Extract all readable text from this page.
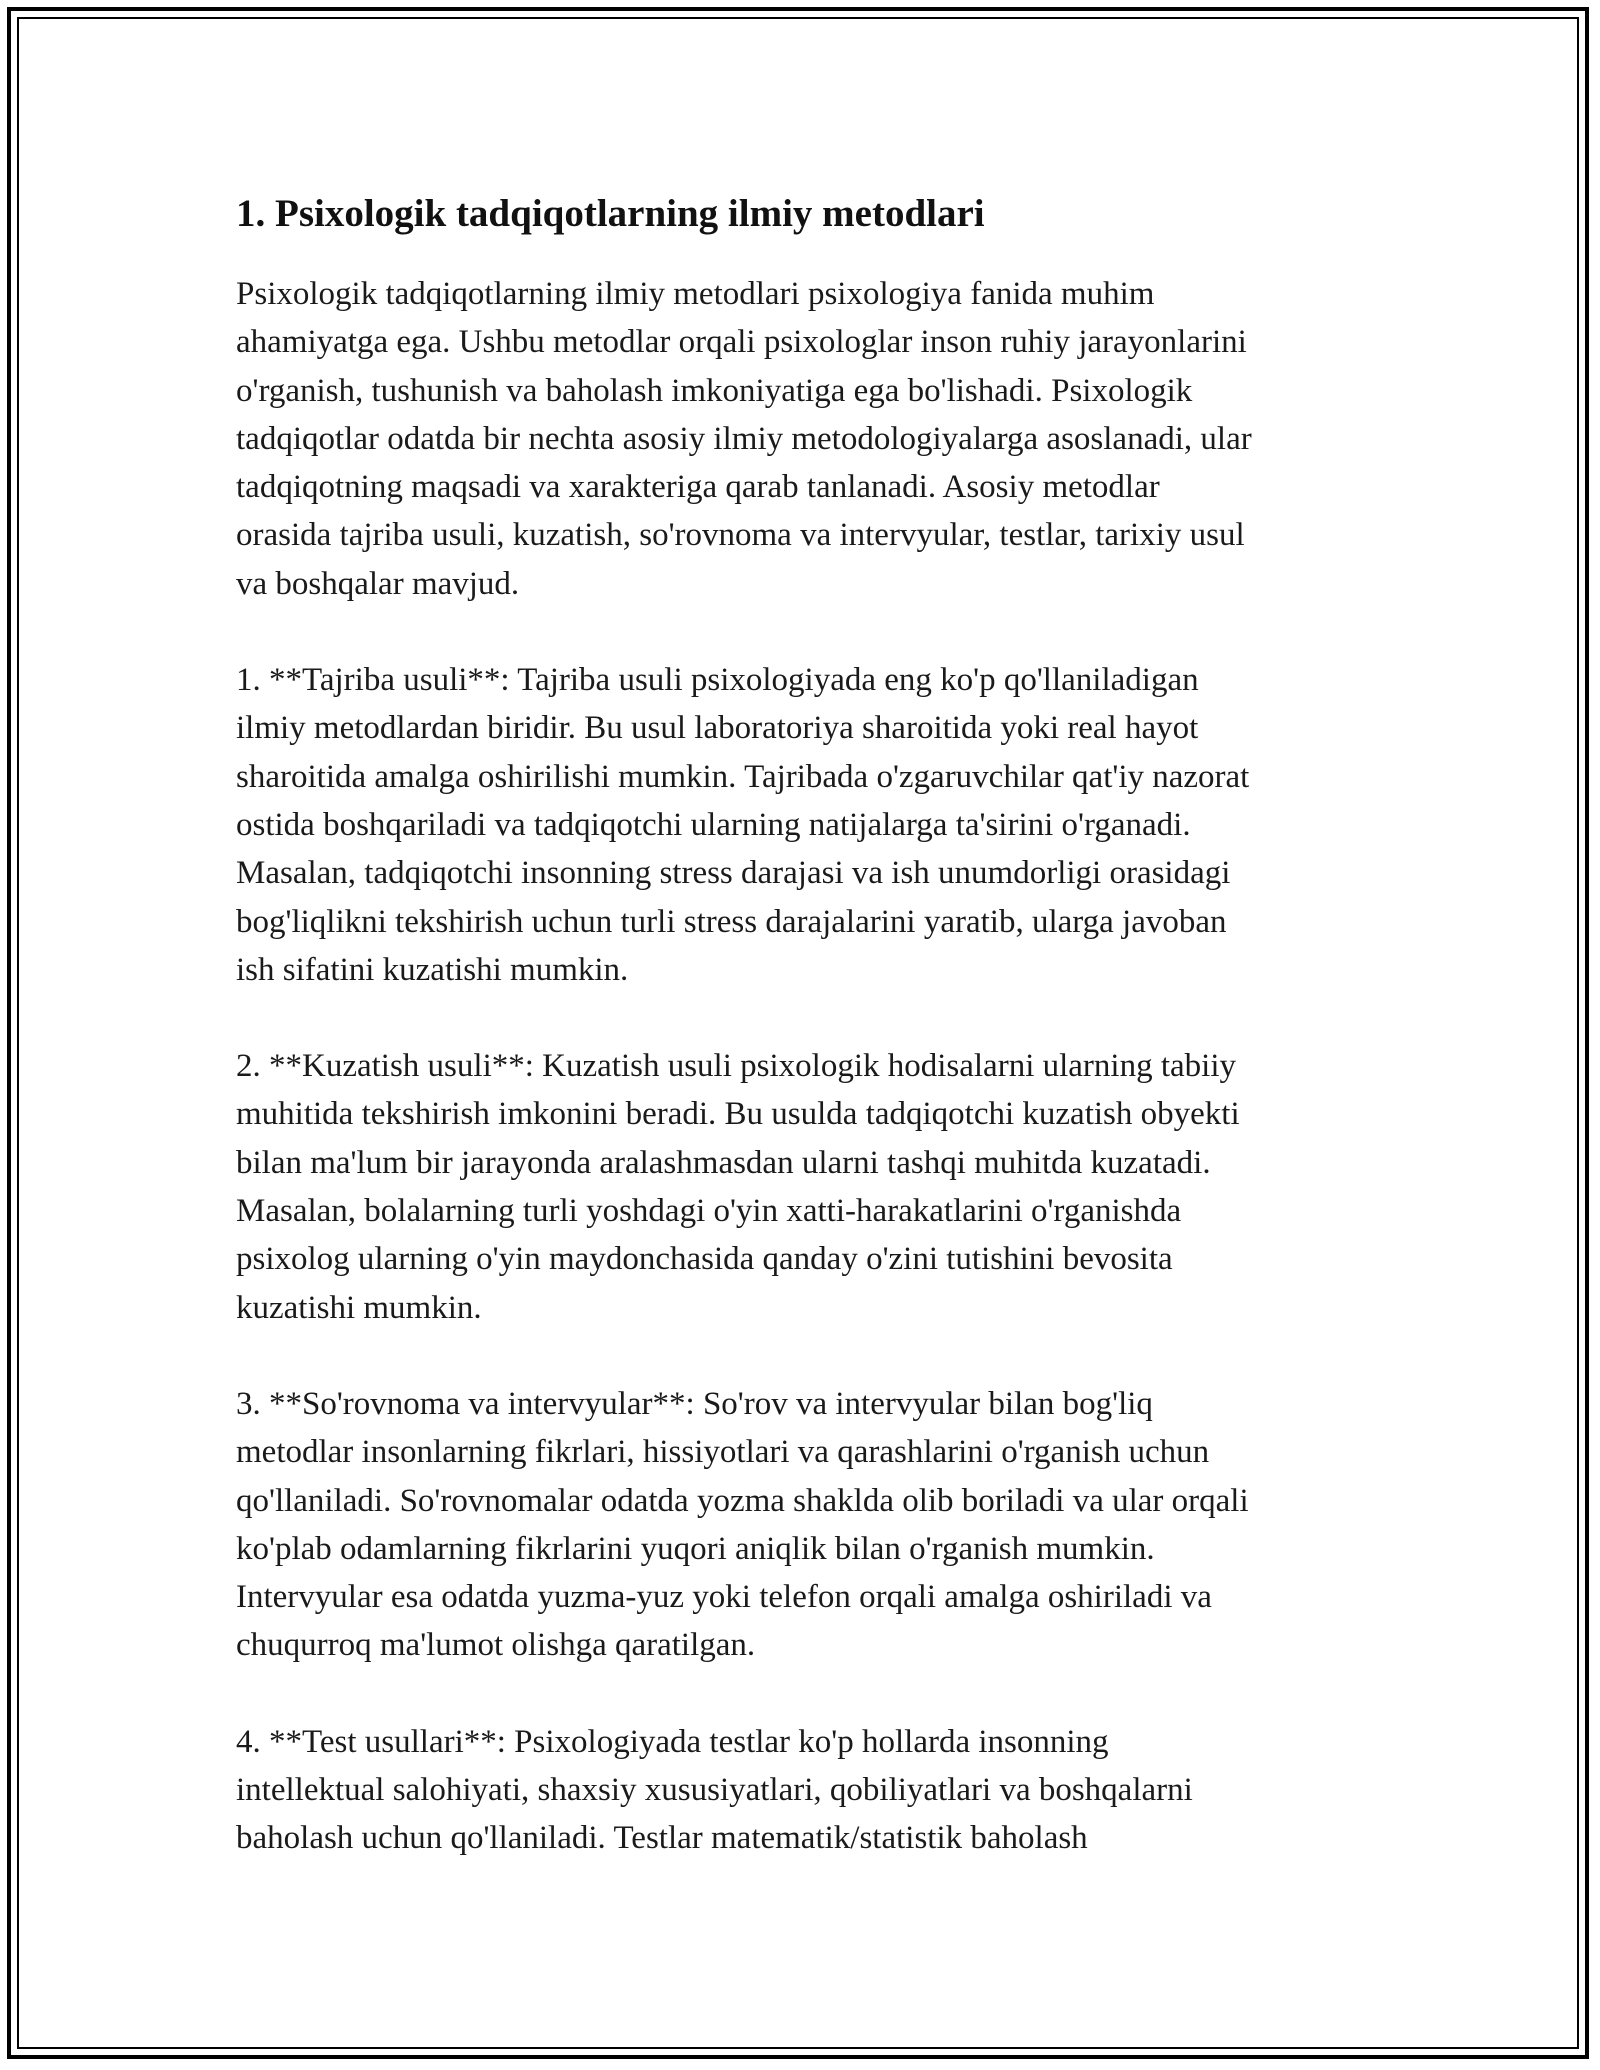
1. Psixologik tadqiqotlarning ilmiy metodlari

Psixologik tadqiqotlarning ilmiy metodlari psixologiya fanida muhim
ahamiyatga ega. Ushbu metodlar orqali psixologlar inson ruhiy jarayonlarini
o'rganish, tushunish va baholash imkoniyatiga ega bo'lishadi. Psixologik
tadqiqotlar odatda bir nechta asosiy ilmiy metodologiyalarga asoslanadi, ular
tadqiqotning maqsadi va xarakteriga qarab tanlanadi. Asosiy metodlar
orasida tajriba usuli, kuzatish, so'rovnoma va intervyular, testlar, tarixiy usul
va boshqalar mavjud.

1. **Tajriba usuli**: Tajriba usuli psixologiyada eng ko'p qo'llaniladigan
ilmiy metodlardan biridir. Bu usul laboratoriya sharoitida yoki real hayot
sharoitida amalga oshirilishi mumkin. Tajribada o'zgaruvchilar qat'iy nazorat
ostida boshqariladi va tadqiqotchi ularning natijalarga ta'sirini o'rganadi.
Masalan, tadqiqotchi insonning stress darajasi va ish unumdorligi orasidagi
bog'liqlikni tekshirish uchun turli stress darajalarini yaratib, ularga javoban
ish sifatini kuzatishi mumkin.

2. **Kuzatish usuli**: Kuzatish usuli psixologik hodisalarni ularning tabiiy
muhitida tekshirish imkonini beradi. Bu usulda tadqiqotchi kuzatish obyekti
bilan ma'lum bir jarayonda aralashmasdan ularni tashqi muhitda kuzatadi.
Masalan, bolalarning turli yoshdagi o'yin xatti-harakatlarini o'rganishda
psixolog ularning o'yin maydonchasida qanday o'zini tutishini bevosita
kuzatishi mumkin.

3. **So'rovnoma va intervyular**: So'rov va intervyular bilan bog'liq
metodlar insonlarning fikrlari, hissiyotlari va qarashlarini o'rganish uchun
qo'llaniladi. So'rovnomalar odatda yozma shaklda olib boriladi va ular orqali
ko'plab odamlarning fikrlarini yuqori aniqlik bilan o'rganish mumkin.
Intervyular esa odatda yuzma-yuz yoki telefon orqali amalga oshiriladi va
chuqurroq ma'lumot olishga qaratilgan.

4. **Test usullari**: Psixologiyada testlar ko'p hollarda insonning
intellektual salohiyati, shaxsiy xususiyatlari, qobiliyatlari va boshqalarni
baholash uchun qo'llaniladi. Testlar matematik/statistik baholash
